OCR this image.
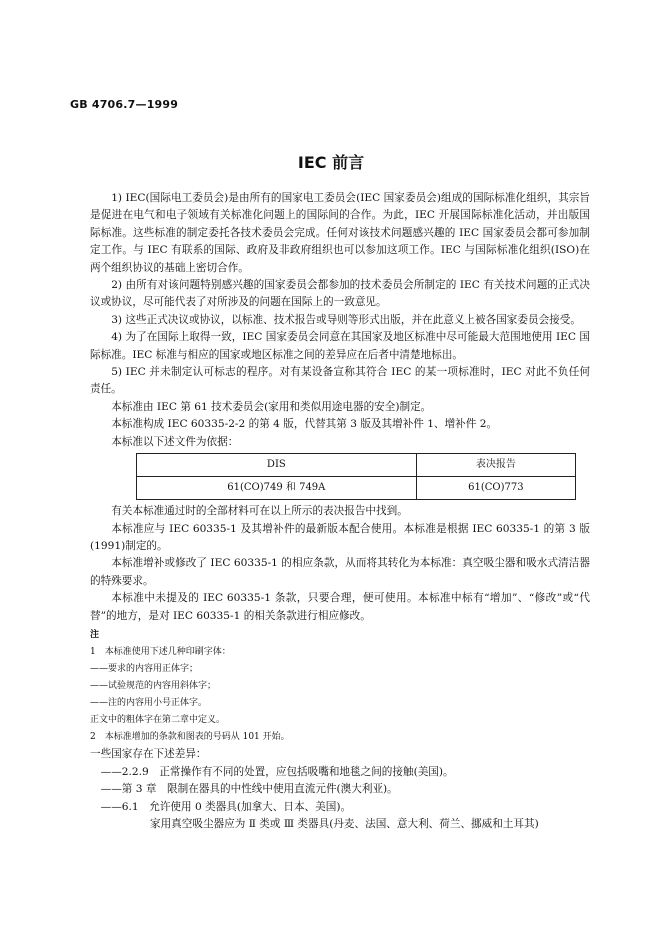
GB 4706.7—1999
IEC 前言

1) IEC(国际电工委员会)是由所有的国家电工委员会(IEC 国家委员会)组成的国际标准化组织，其宗旨是促进在电气和电子领域有关标准化问题上的国际间的合作。为此，IEC 开展国际标准化活动，并出版国际标准。这些标准的制定委托各技术委员会完成。任何对该技术问题感兴趣的 IEC 国家委员会都可参加制定工作。与 IEC 有联系的国际、政府及非政府组织也可以参加这项工作。IEC 与国际标准化组织(ISO)在两个组织协议的基础上密切合作。

2) 由所有对该问题特别感兴趣的国家委员会都参加的技术委员会所制定的 IEC 有关技术问题的正式决议或协议，尽可能代表了对所涉及的问题在国际上的一致意见。

3) 这些正式决议或协议，以标准、技术报告或导则等形式出版，并在此意义上被各国家委员会接受。

4) 为了在国际上取得一致，IEC 国家委员会同意在其国家及地区标准中尽可能最大范围地使用 IEC 国际标准。IEC 标准与相应的国家或地区标准之间的差异应在后者中清楚地标出。

5) IEC 并未制定认可标志的程序。对有某设备宣称其符合 IEC 的某一项标准时，IEC 对此不负任何责任。

本标准由 IEC 第 61 技术委员会(家用和类似用途电器的安全)制定。

本标准构成 IEC 60335-2-2 的第 4 版，代替其第 3 版及其增补件 1、增补件 2。

本标准以下述文件为依据：

DIS	表决报告
61(CO)749 和 749A	61(CO)773

有关本标准通过时的全部材料可在以上所示的表决报告中找到。

本标准应与 IEC 60335-1 及其增补件的最新版本配合使用。本标准是根据 IEC 60335-1 的第 3 版(1991)制定的。

本标准增补或修改了 IEC 60335-1 的相应条款，从而将其转化为本标准：真空吸尘器和吸水式清洁器的特殊要求。

本标准中未提及的 IEC 60335-1 条款，只要合理，便可使用。本标准中标有“增加”、“修改”或“代替”的地方，是对 IEC 60335-1 的相关条款进行相应修改。

注
1　本标准使用下述几种印刷字体：
——要求的内容用正体字；
——试验规范的内容用斜体字；
——注的内容用小号正体字。
正文中的粗体字在第二章中定义。
2　本标准增加的条款和图表的号码从 101 开始。
一些国家存在下述差异：
——2.2.9　正常操作有不同的处置，应包括吸嘴和地毯之间的接触(美国)。
——第 3 章　限制在器具的中性线中使用直流元件(澳大利亚)。
——6.1　允许使用 0 类器具(加拿大、日本、美国)。
家用真空吸尘器应为 Ⅱ 类或 Ⅲ 类器具(丹麦、法国、意大利、荷兰、挪威和土耳其)
